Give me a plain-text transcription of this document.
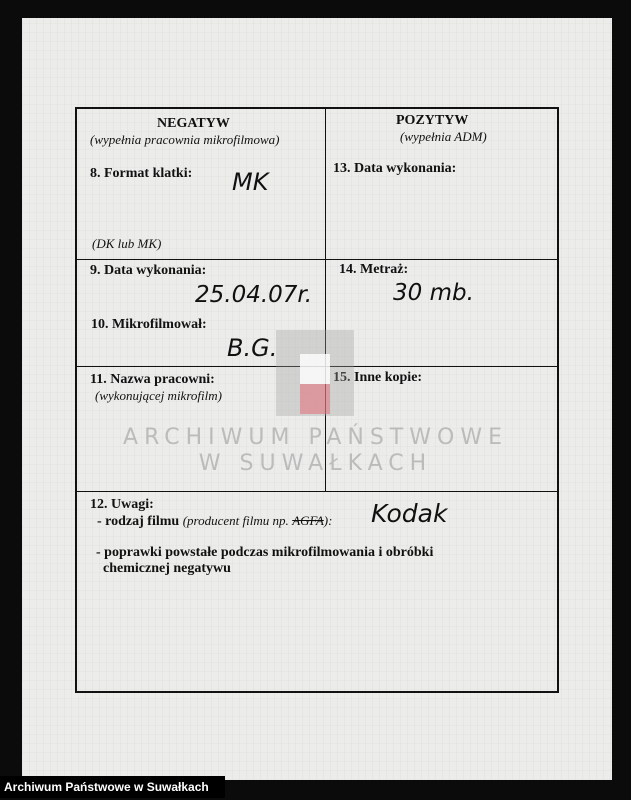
NEGATYW
(wypełnia pracownia mikrofilmowa)
POZYTYW
(wypełnia ADM)
8. Format klatki: MK
(DK lub MK)
13. Data wykonania:
9. Data wykonania:
25.04.07r.
14. Metraż:
30 mb.
10. Mikrofilmował:
B.G.
11. Nazwa pracowni:
(wykonującej mikrofilm)
15. Inne kopie:
12. Uwagi:
- rodzaj filmu (producent filmu np. AGFA): Kodak
- poprawki powstałe podczas mikrofilmowania i obróbki
chemicznej negatywu
ARCHIWUM PAŃSTWOWE
W SUWAŁKACH
Archiwum Państwowe w Suwałkach
